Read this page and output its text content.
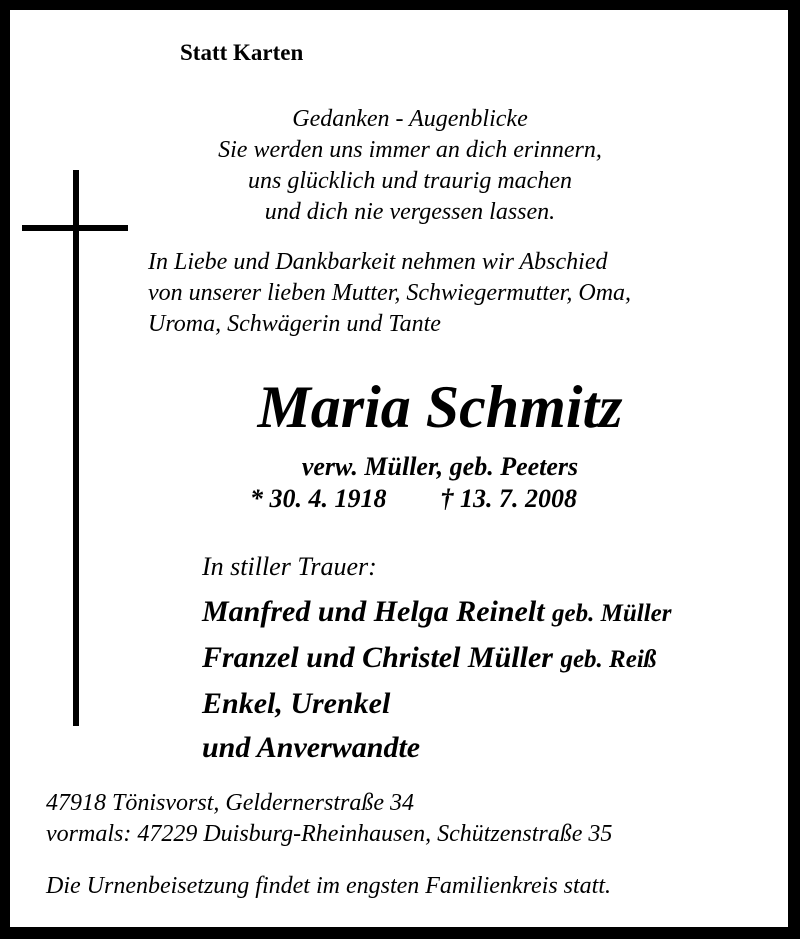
Statt Karten
Gedanken - Augenblicke
Sie werden uns immer an dich erinnern,
uns glücklich und traurig machen
und dich nie vergessen lassen.
In Liebe und Dankbarkeit nehmen wir Abschied
von unserer lieben Mutter, Schwiegermutter, Oma,
Uroma, Schwägerin und Tante
Maria Schmitz
verw. Müller, geb. Peeters
* 30. 4. 1918 † 13. 7. 2008
In stiller Trauer:
Manfred und Helga Reinelt geb. Müller
Franzel und Christel Müller geb. Reiß
Enkel, Urenkel
und Anverwandte
47918 Tönisvorst, Geldernerstraße 34
vormals: 47229 Duisburg-Rheinhausen, Schützenstraße 35
Die Urnenbeisetzung findet im engsten Familienkreis statt.
